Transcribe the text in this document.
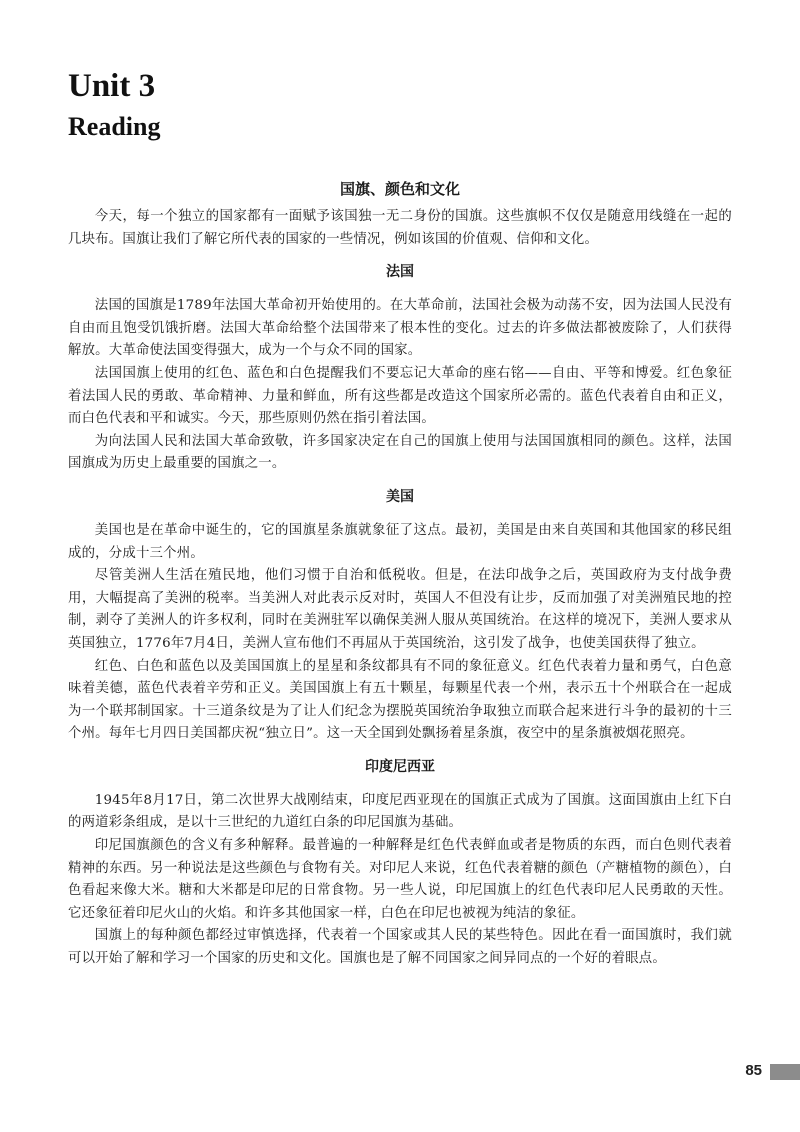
Unit 3
Reading
国旗、颜色和文化

今天，每一个独立的国家都有一面赋予该国独一无二身份的国旗。这些旗帜不仅仅是随意用线缝在一起的几块布。国旗让我们了解它所代表的国家的一些情况，例如该国的价值观、信仰和文化。

法国

法国的国旗是1789年法国大革命初开始使用的。在大革命前，法国社会极为动荡不安，因为法国人民没有自由而且饱受饥饿折磨。法国大革命给整个法国带来了根本性的变化。过去的许多做法都被废除了，人们获得解放。大革命使法国变得强大，成为一个与众不同的国家。

法国国旗上使用的红色、蓝色和白色提醒我们不要忘记大革命的座右铭——自由、平等和博爱。红色象征着法国人民的勇敢、革命精神、力量和鲜血，所有这些都是改造这个国家所必需的。蓝色代表着自由和正义，而白色代表和平和诚实。今天，那些原则仍然在指引着法国。

为向法国人民和法国大革命致敬，许多国家决定在自己的国旗上使用与法国国旗相同的颜色。这样，法国国旗成为历史上最重要的国旗之一。

美国

美国也是在革命中诞生的，它的国旗星条旗就象征了这点。最初，美国是由来自英国和其他国家的移民组成的，分成十三个州。

尽管美洲人生活在殖民地，他们习惯于自治和低税收。但是，在法印战争之后，英国政府为支付战争费用，大幅提高了美洲的税率。当美洲人对此表示反对时，英国人不但没有让步，反而加强了对美洲殖民地的控制，剥夺了美洲人的许多权利，同时在美洲驻军以确保美洲人服从英国统治。在这样的境况下，美洲人要求从英国独立，1776年7月4日，美洲人宣布他们不再屈从于英国统治，这引发了战争，也使美国获得了独立。

红色、白色和蓝色以及美国国旗上的星星和条纹都具有不同的象征意义。红色代表着力量和勇气，白色意味着美德，蓝色代表着辛劳和正义。美国国旗上有五十颗星，每颗星代表一个州，表示五十个州联合在一起成为一个联邦制国家。十三道条纹是为了让人们纪念为摆脱英国统治争取独立而联合起来进行斗争的最初的十三个州。每年七月四日美国都庆祝“独立日”。这一天全国到处飘扬着星条旗，夜空中的星条旗被烟花照亮。

印度尼西亚

1945年8月17日，第二次世界大战刚结束，印度尼西亚现在的国旗正式成为了国旗。这面国旗由上红下白的两道彩条组成，是以十三世纪的九道红白条的印尼国旗为基础。

印尼国旗颜色的含义有多种解释。最普遍的一种解释是红色代表鲜血或者是物质的东西，而白色则代表着精神的东西。另一种说法是这些颜色与食物有关。对印尼人来说，红色代表着糖的颜色（产糖植物的颜色），白色看起来像大米。糖和大米都是印尼的日常食物。另一些人说，印尼国旗上的红色代表印尼人民勇敢的天性。它还象征着印尼火山的火焰。和许多其他国家一样，白色在印尼也被视为纯洁的象征。

国旗上的每种颜色都经过审慎选择，代表着一个国家或其人民的某些特色。因此在看一面国旗时，我们就可以开始了解和学习一个国家的历史和文化。国旗也是了解不同国家之间异同点的一个好的着眼点。

85
